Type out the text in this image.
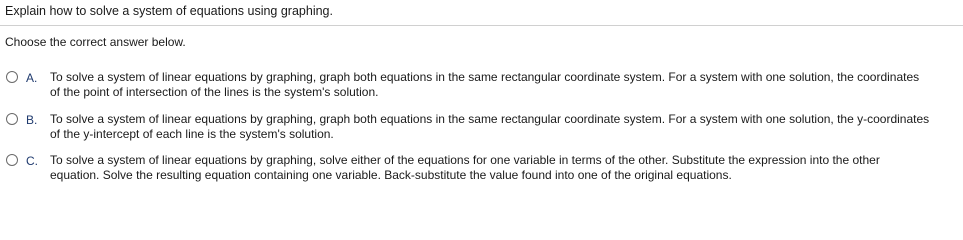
Explain how to solve a system of equations using graphing.
Choose the correct answer below.
A. To solve a system of linear equations by graphing, graph both equations in the same rectangular coordinate system. For a system with one solution, the coordinates of the point of intersection of the lines is the system's solution.
B. To solve a system of linear equations by graphing, graph both equations in the same rectangular coordinate system. For a system with one solution, the y-coordinates of the y-intercept of each line is the system's solution.
C. To solve a system of linear equations by graphing, solve either of the equations for one variable in terms of the other. Substitute the expression into the other equation. Solve the resulting equation containing one variable. Back-substitute the value found into one of the original equations.
